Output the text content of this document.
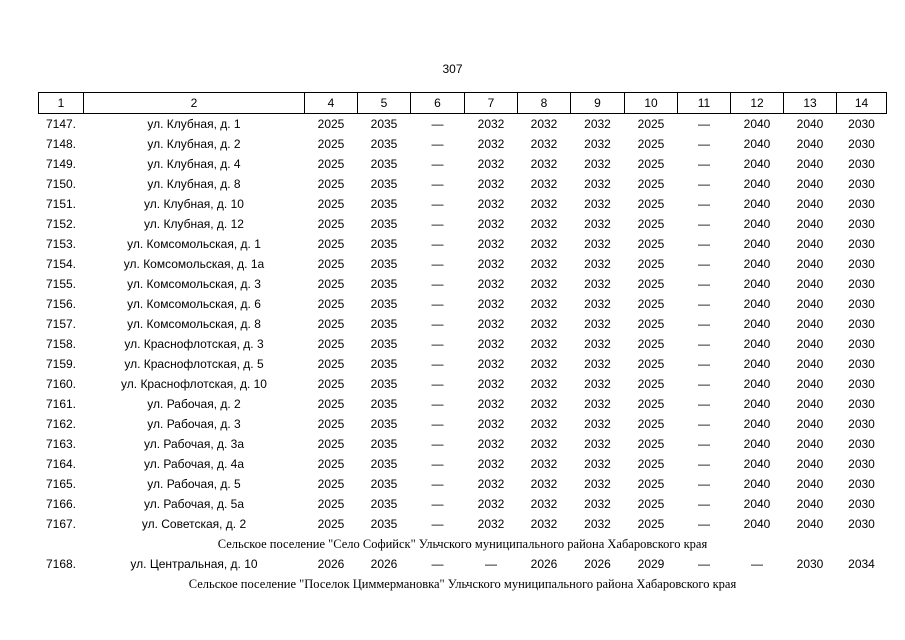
307
1	2	4	5	6	7	8	9	10	11	12	13	14
7147.	ул. Клубная, д. 1	2025	2035	—	2032	2032	2032	2025	—	2040	2040	2030
7148.	ул. Клубная, д. 2	2025	2035	—	2032	2032	2032	2025	—	2040	2040	2030
7149.	ул. Клубная, д. 4	2025	2035	—	2032	2032	2032	2025	—	2040	2040	2030
7150.	ул. Клубная, д. 8	2025	2035	—	2032	2032	2032	2025	—	2040	2040	2030
7151.	ул. Клубная, д. 10	2025	2035	—	2032	2032	2032	2025	—	2040	2040	2030
7152.	ул. Клубная, д. 12	2025	2035	—	2032	2032	2032	2025	—	2040	2040	2030
7153.	ул. Комсомольская, д. 1	2025	2035	—	2032	2032	2032	2025	—	2040	2040	2030
7154.	ул. Комсомольская, д. 1а	2025	2035	—	2032	2032	2032	2025	—	2040	2040	2030
7155.	ул. Комсомольская, д. 3	2025	2035	—	2032	2032	2032	2025	—	2040	2040	2030
7156.	ул. Комсомольская, д. 6	2025	2035	—	2032	2032	2032	2025	—	2040	2040	2030
7157.	ул. Комсомольская, д. 8	2025	2035	—	2032	2032	2032	2025	—	2040	2040	2030
7158.	ул. Краснофлотская, д. 3	2025	2035	—	2032	2032	2032	2025	—	2040	2040	2030
7159.	ул. Краснофлотская, д. 5	2025	2035	—	2032	2032	2032	2025	—	2040	2040	2030
7160.	ул. Краснофлотская, д. 10	2025	2035	—	2032	2032	2032	2025	—	2040	2040	2030
7161.	ул. Рабочая, д. 2	2025	2035	—	2032	2032	2032	2025	—	2040	2040	2030
7162.	ул. Рабочая, д. 3	2025	2035	—	2032	2032	2032	2025	—	2040	2040	2030
7163.	ул. Рабочая, д. 3а	2025	2035	—	2032	2032	2032	2025	—	2040	2040	2030
7164.	ул. Рабочая, д. 4а	2025	2035	—	2032	2032	2032	2025	—	2040	2040	2030
7165.	ул. Рабочая, д. 5	2025	2035	—	2032	2032	2032	2025	—	2040	2040	2030
7166.	ул. Рабочая, д. 5а	2025	2035	—	2032	2032	2032	2025	—	2040	2040	2030
7167.	ул. Советская, д. 2	2025	2035	—	2032	2032	2032	2025	—	2040	2040	2030
Сельское поселение "Село Софийск" Ульчского муниципального района Хабаровского края												
7168.	ул. Центральная, д. 10	2026	2026	—	—	2026	2026	2029	—	—	2030	2034
Сельское поселение "Поселок Циммермановка" Ульчского муниципального района Хабаровского края												
